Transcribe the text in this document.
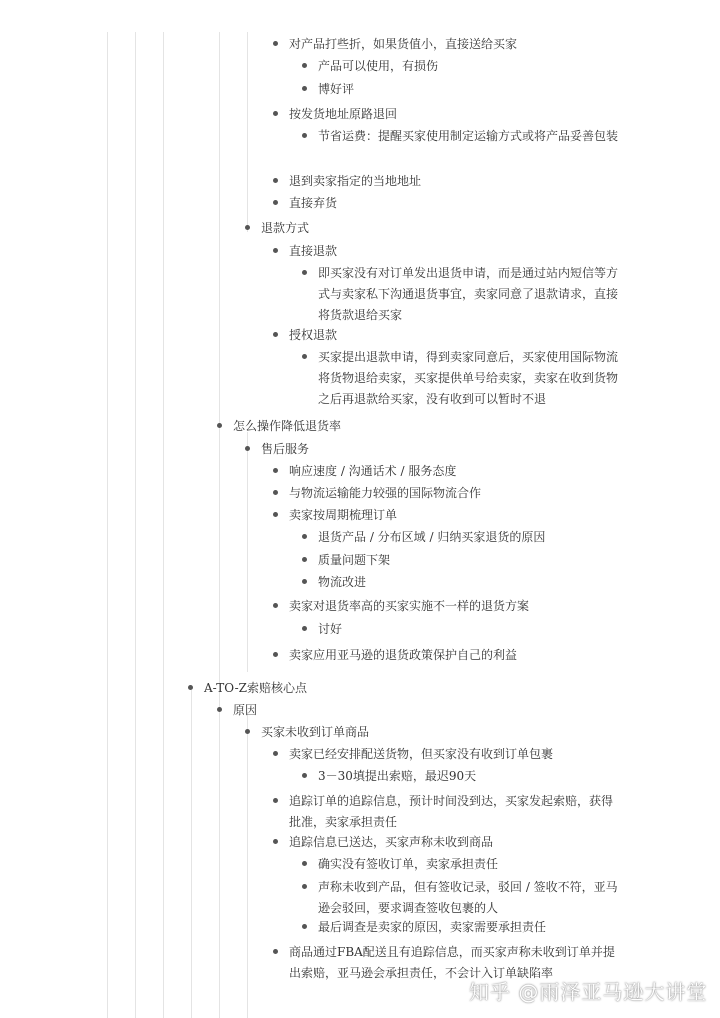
对产品打些折，如果货值小，直接送给买家
产品可以使用，有损伤
博好评
按发货地址原路退回
节省运费：提醒买家使用制定运输方式或将产品妥善包装
退到卖家指定的当地地址
直接弃货
退款方式
直接退款
即买家没有对订单发出退货申请，而是通过站内短信等方式与卖家私下沟通退货事宜，卖家同意了退款请求，直接将货款退给买家
授权退款
买家提出退款申请，得到卖家同意后，买家使用国际物流将货物退给卖家，买家提供单号给卖家，卖家在收到货物之后再退款给买家，没有收到可以暂时不退
怎么操作降低退货率
售后服务
响应速度 / 沟通话术 / 服务态度
与物流运输能力较强的国际物流合作
卖家按周期梳理订单
退货产品 / 分布区域 / 归纳买家退货的原因
质量问题下架
物流改进
卖家对退货率高的买家实施不一样的退货方案
讨好
卖家应用亚马逊的退货政策保护自己的利益
A-TO-Z索赔核心点
原因
买家未收到订单商品
卖家已经安排配送货物，但买家没有收到订单包裹
3－30填提出索赔，最迟90天
追踪订单的追踪信息，预计时间没到达，买家发起索赔，获得批准，卖家承担责任
追踪信息已送达，买家声称未收到商品
确实没有签收订单，卖家承担责任
声称未收到产品，但有签收记录，驳回 / 签收不符，亚马逊会驳回，要求调查签收包裹的人
最后调查是卖家的原因，卖家需要承担责任
商品通过FBA配送且有追踪信息，而买家声称未收到订单并提出索赔，亚马逊会承担责任，不会计入订单缺陷率
知乎 @雨泽亚马逊大讲堂
